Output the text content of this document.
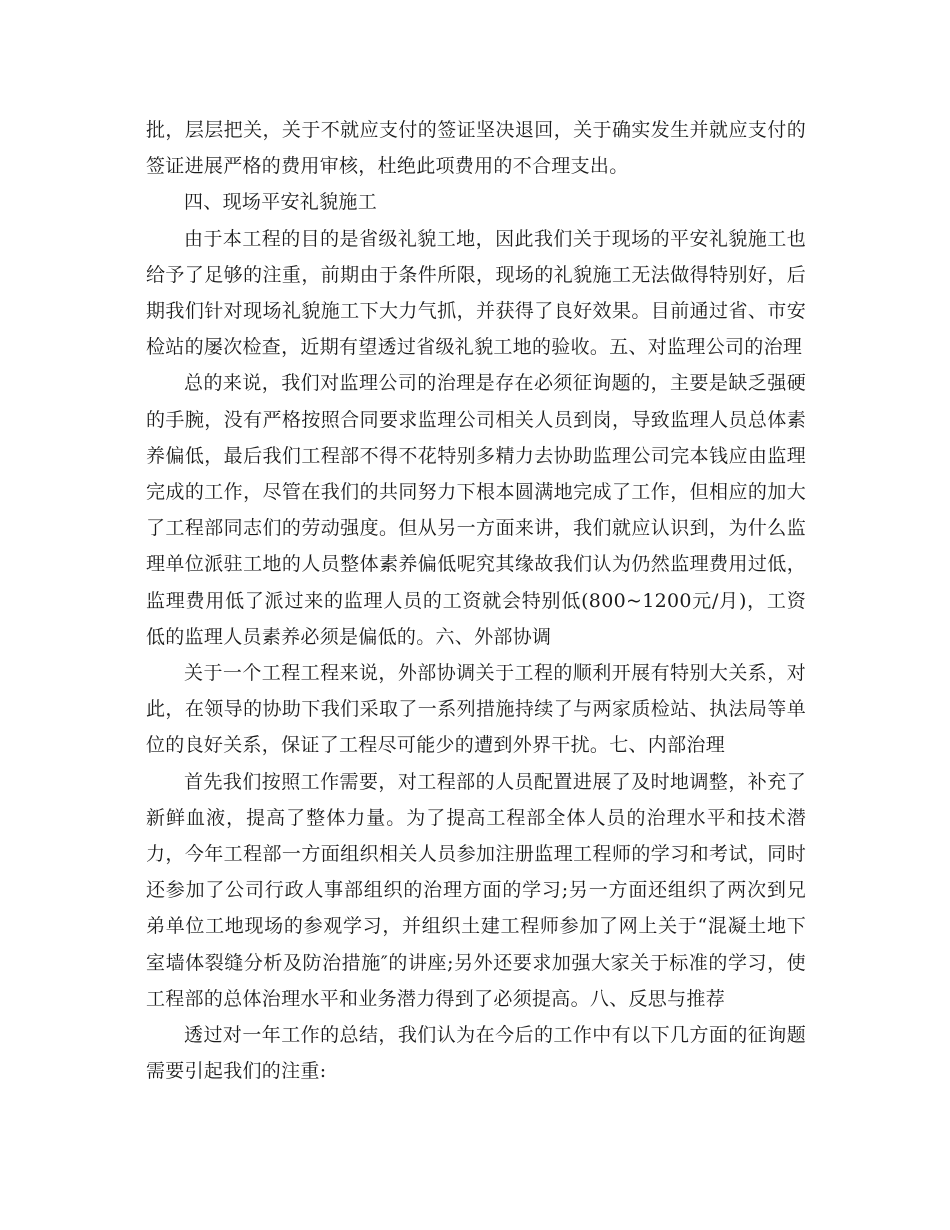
批，层层把关，关于不就应支付的签证坚决退回，关于确实发生并就应支付的签证进展严格的费用审核，杜绝此项费用的不合理支出。

四、现场平安礼貌施工

由于本工程的目的是省级礼貌工地，因此我们关于现场的平安礼貌施工也给予了足够的注重，前期由于条件所限，现场的礼貌施工无法做得特别好，后期我们针对现场礼貌施工下大力气抓，并获得了良好效果。目前通过省、市安检站的屡次检查，近期有望透过省级礼貌工地的验收。五、对监理公司的治理

总的来说，我们对监理公司的治理是存在必须征询题的，主要是缺乏强硬的手腕，没有严格按照合同要求监理公司相关人员到岗，导致监理人员总体素养偏低，最后我们工程部不得不花特别多精力去协助监理公司完本钱应由监理完成的工作，尽管在我们的共同努力下根本圆满地完成了工作，但相应的加大了工程部同志们的劳动强度。但从另一方面来讲，我们就应认识到，为什么监理单位派驻工地的人员整体素养偏低呢究其缘故我们认为仍然监理费用过低，监理费用低了派过来的监理人员的工资就会特别低(800~1200元/月)，工资低的监理人员素养必须是偏低的。六、外部协调

关于一个工程工程来说，外部协调关于工程的顺利开展有特别大关系，对此，在领导的协助下我们采取了一系列措施持续了与两家质检站、执法局等单位的良好关系，保证了工程尽可能少的遭到外界干扰。七、内部治理

首先我们按照工作需要，对工程部的人员配置进展了及时地调整，补充了新鲜血液，提高了整体力量。为了提高工程部全体人员的治理水平和技术潜力，今年工程部一方面组织相关人员参加注册监理工程师的学习和考试，同时还参加了公司行政人事部组织的治理方面的学习;另一方面还组织了两次到兄弟单位工地现场的参观学习，并组织土建工程师参加了网上关于“混凝土地下室墙体裂缝分析及防治措施″的讲座;另外还要求加强大家关于标准的学习，使工程部的总体治理水平和业务潜力得到了必须提高。八、反思与推荐

透过对一年工作的总结，我们认为在今后的工作中有以下几方面的征询题需要引起我们的注重:
